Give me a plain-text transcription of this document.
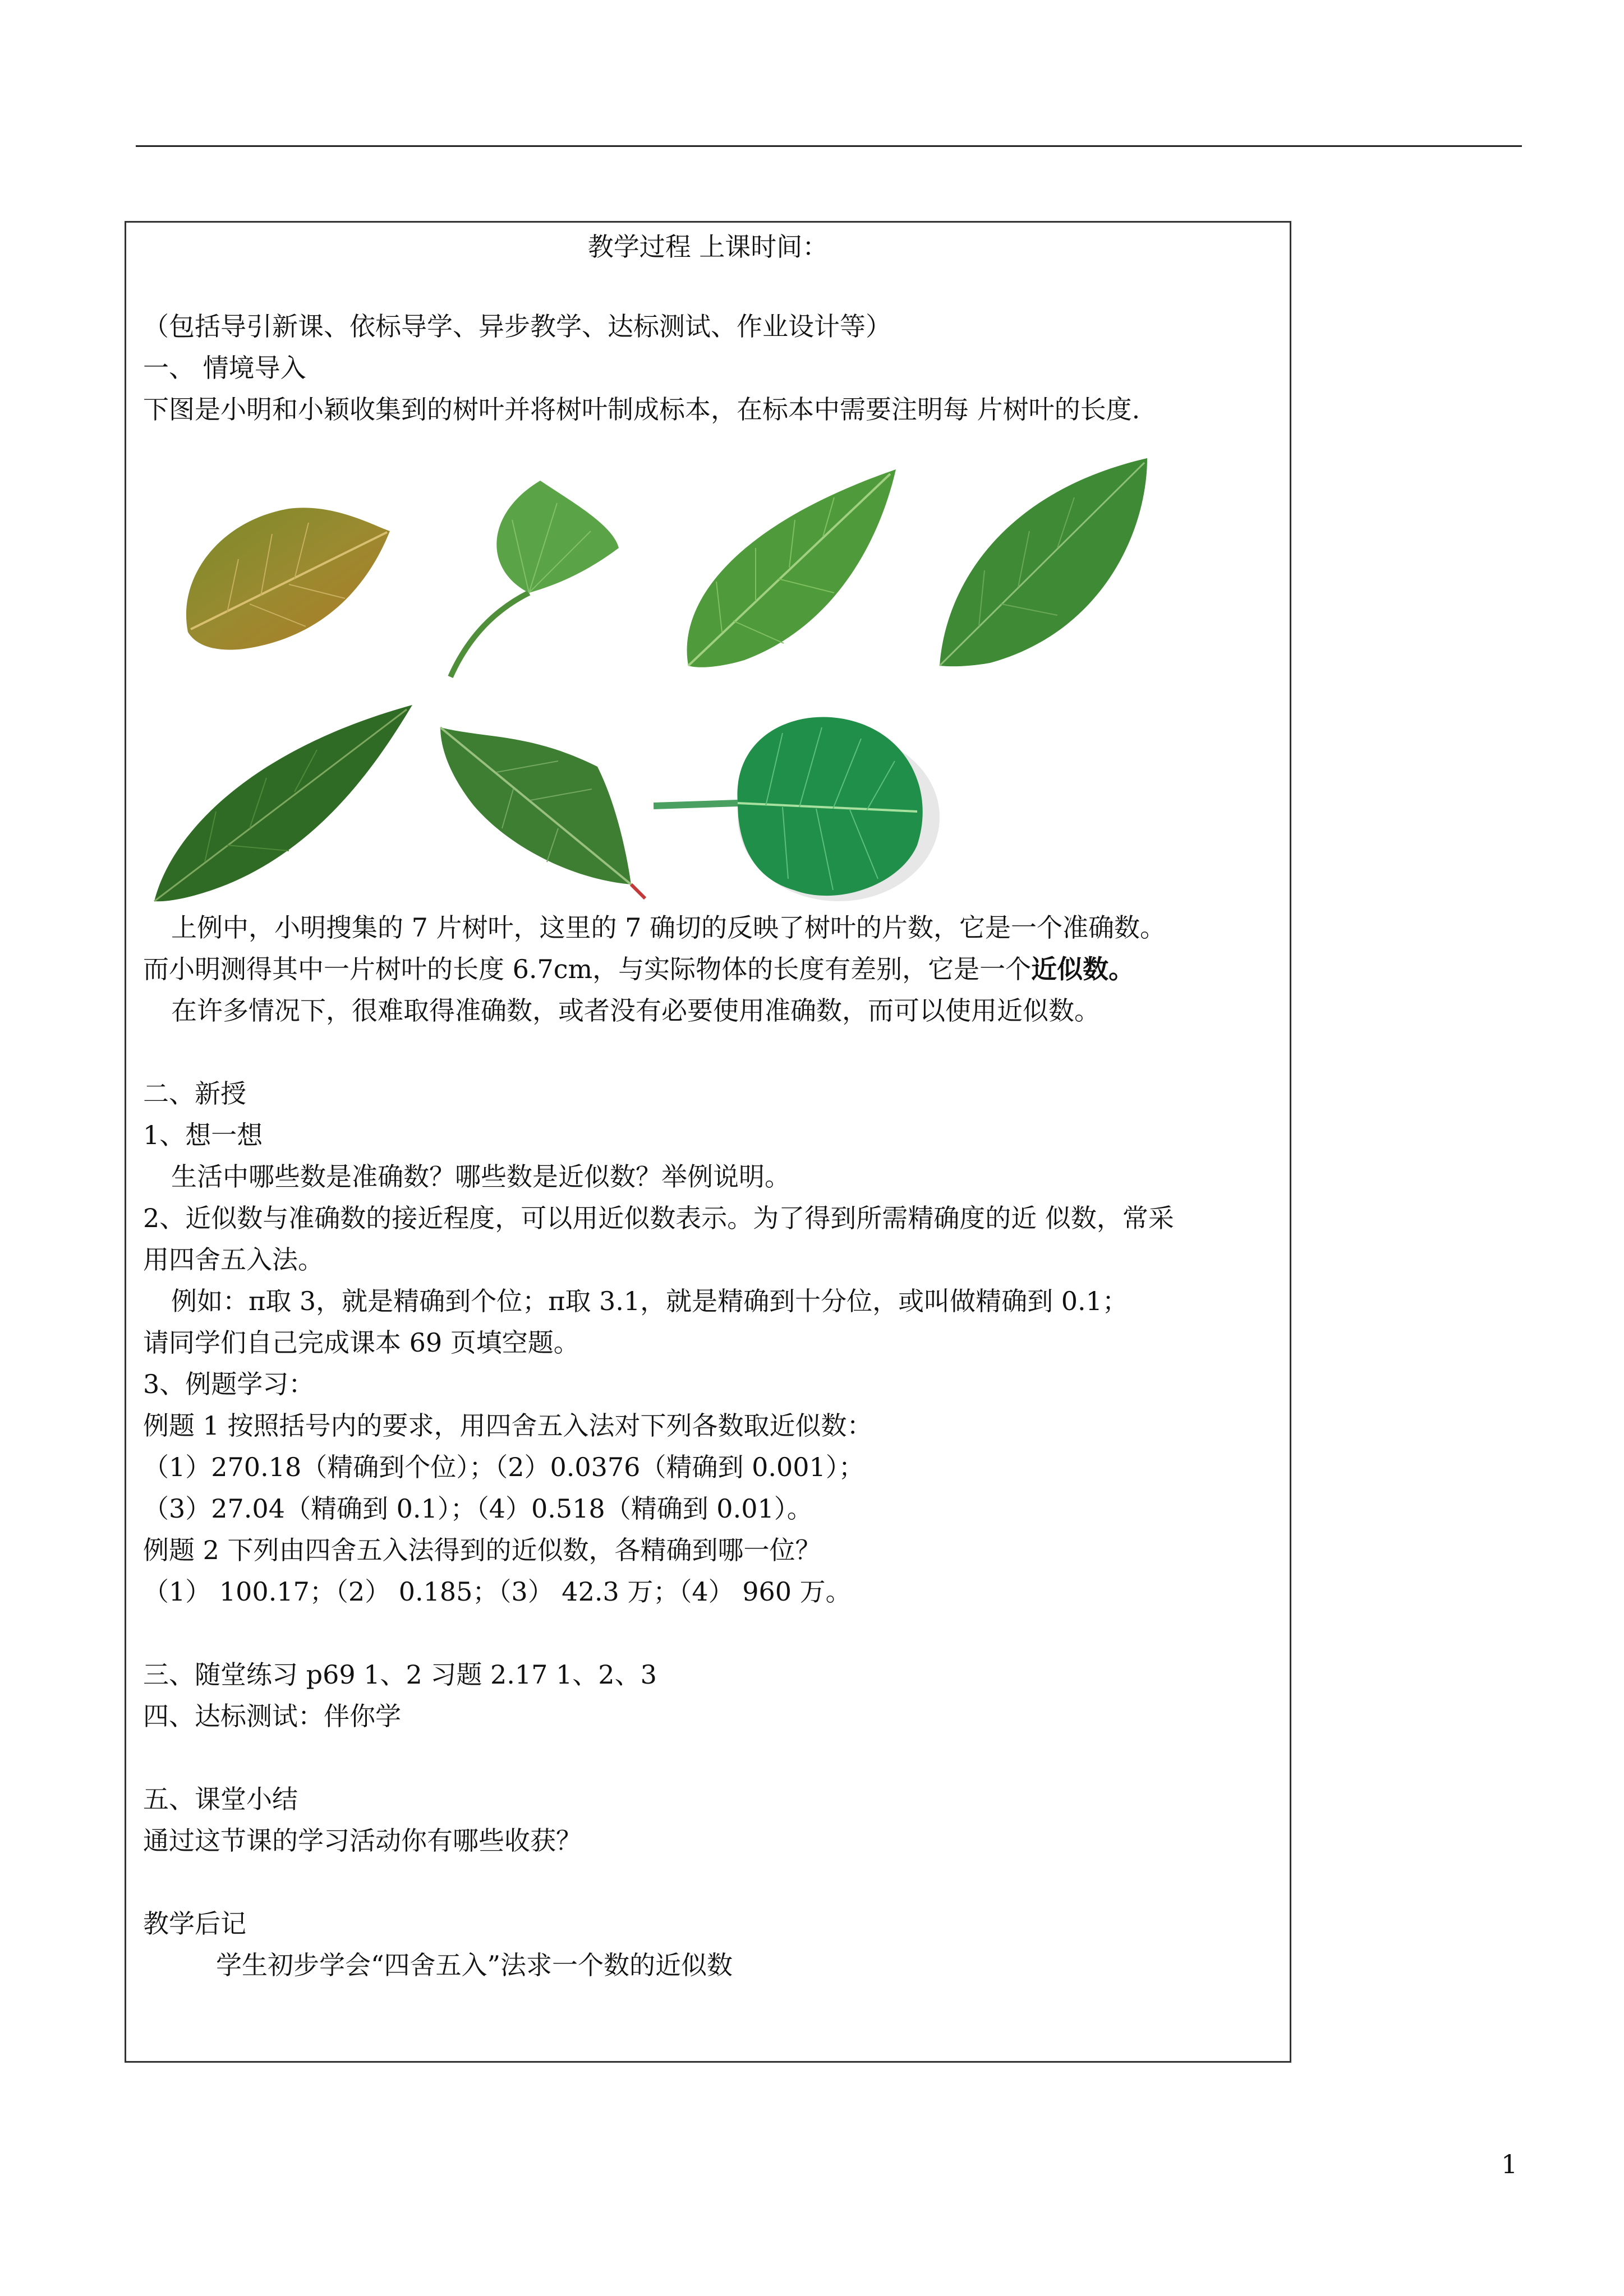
教学过程 上课时间：
（包括导引新课、依标导学、异步教学、达标测试、作业设计等）
一、 情境导入
下图是小明和小颖收集到的树叶并将树叶制成标本，在标本中需要注明每 片树叶的长度.
上例中，小明搜集的 7 片树叶，这里的 7 确切的反映了树叶的片数，它是一个准确数。
而小明测得其中一片树叶的长度 6.7cm，与实际物体的长度有差别，它是一个近似数。
在许多情况下，很难取得准确数，或者没有必要使用准确数，而可以使用近似数。
二、新授
1、想一想
生活中哪些数是准确数？哪些数是近似数？举例说明。
2、近似数与准确数的接近程度，可以用近似数表示。为了得到所需精确度的近 似数，常采
用四舍五入法。
例如：π取 3，就是精确到个位；π取 3.1，就是精确到十分位，或叫做精确到 0.1；
请同学们自己完成课本 69 页填空题。
3、例题学习：
例题 1 按照括号内的要求，用四舍五入法对下列各数取近似数：
（1）270.18（精确到个位）；（2）0.0376（精确到 0.001）；
（3）27.04（精确到 0.1）；（4）0.518（精确到 0.01）。
例题 2 下列由四舍五入法得到的近似数，各精确到哪一位？
（1） 100.17；（2） 0.185；（3） 42.3 万；（4） 960 万。
三、随堂练习 p69 1、2 习题 2.17 1、2、3
四、达标测试：伴你学
五、课堂小结
通过这节课的学习活动你有哪些收获？
教学后记
学生初步学会“四舍五入”法求一个数的近似数
1
